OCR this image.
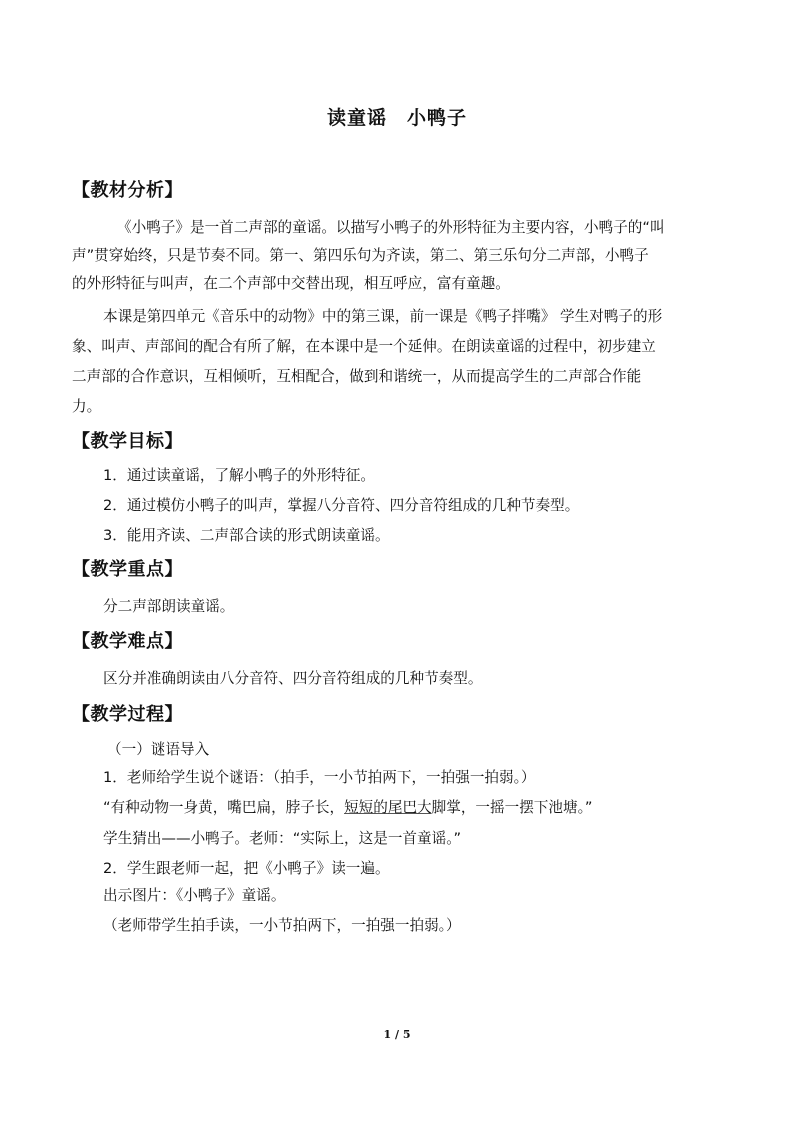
读童谣　小鸭子
【教材分析】
《小鸭子》是一首二声部的童谣。以描写小鸭子的外形特征为主要内容，小鸭子的“叫
声”贯穿始终，只是节奏不同。第一、第四乐句为齐读，第二、第三乐句分二声部，小鸭子
的外形特征与叫声，在二个声部中交替出现，相互呼应，富有童趣。
本课是第四单元《音乐中的动物》中的第三课，前一课是《鸭子拌嘴》 学生对鸭子的形
象、叫声、声部间的配合有所了解，在本课中是一个延伸。在朗读童谣的过程中，初步建立
二声部的合作意识，互相倾听，互相配合，做到和谐统一，从而提高学生的二声部合作能
力。
【教学目标】
1．通过读童谣，了解小鸭子的外形特征。
2．通过模仿小鸭子的叫声，掌握八分音符、四分音符组成的几种节奏型。
3．能用齐读、二声部合读的形式朗读童谣。
【教学重点】
分二声部朗读童谣。
【教学难点】
区分并准确朗读由八分音符、四分音符组成的几种节奏型。
【教学过程】
（一）谜语导入
1．老师给学生说个谜语：（拍手，一小节拍两下，一拍强一拍弱。）
“有种动物一身黄，嘴巴扁，脖子长，短短的尾巴大脚掌，一摇一摆下池塘。”
学生猜出——小鸭子。老师：“实际上，这是一首童谣。”
2．学生跟老师一起，把《小鸭子》读一遍。
出示图片：《小鸭子》童谣。
（老师带学生拍手读，一小节拍两下，一拍强一拍弱。）
1 / 5
